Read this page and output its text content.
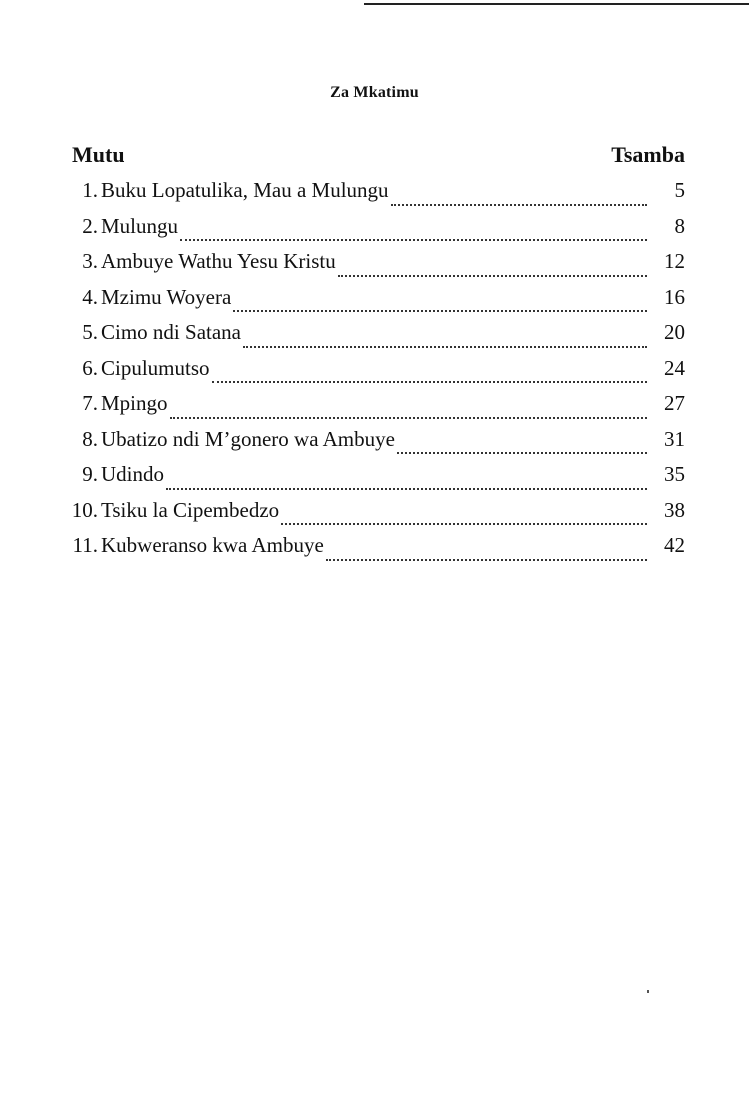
Za Mkatimu
Mutu	Tsamba
1. Buku Lopatulika, Mau a Mulungu	5
2. Mulungu	8
3. Ambuye Wathu Yesu Kristu	12
4. Mzimu Woyera	16
5. Cimo ndi Satana	20
6. Cipulumutso	24
7. Mpingo	27
8. Ubatizo ndi M’gonero wa Ambuye	31
9. Udindo	35
10. Tsiku la Cipembedzo	38
11. Kubweranso kwa Ambuye	42
